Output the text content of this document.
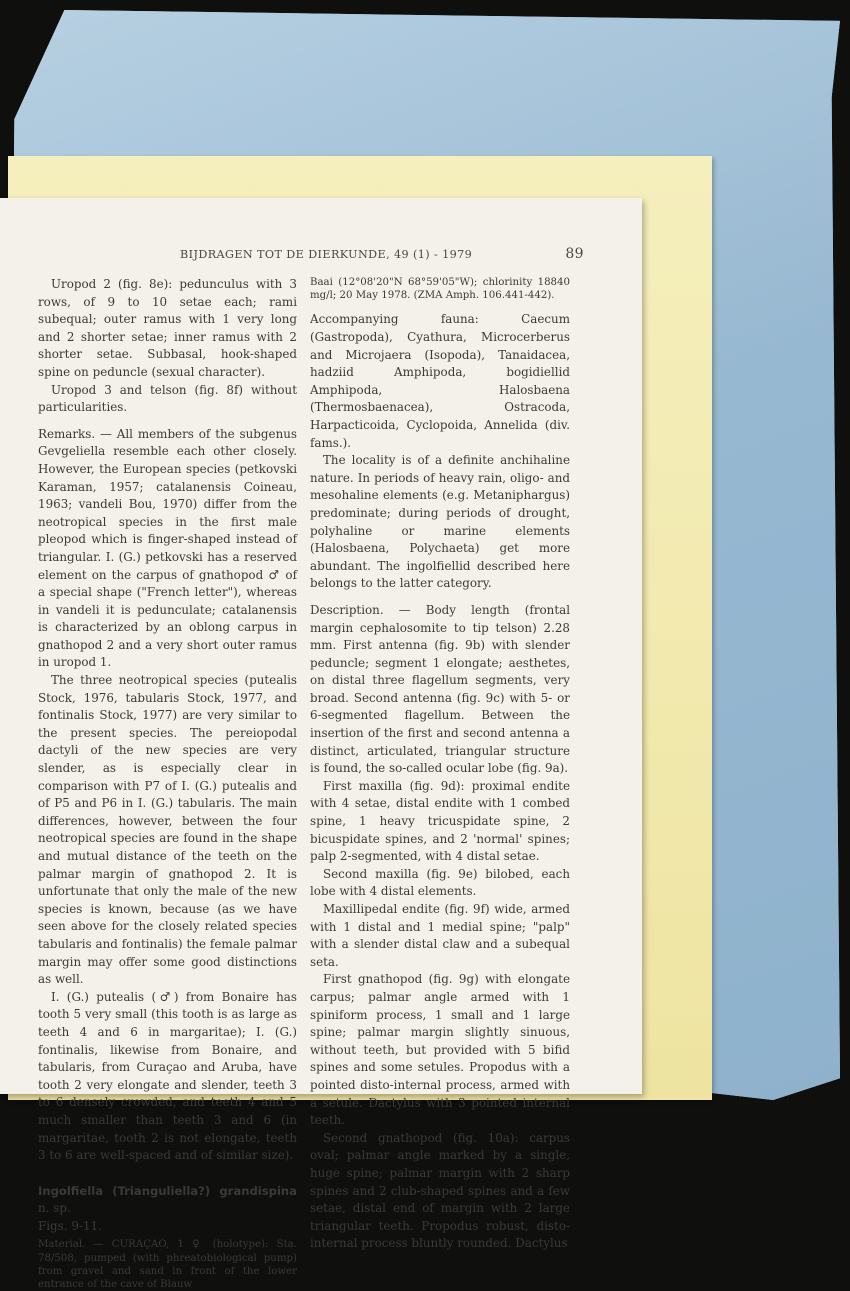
BIJDRAGEN TOT DE DIERKUNDE, 49 (1) - 1979	89

Uropod 2 (fig. 8e): pedunculus with 3 rows, of 9 to 10 setae each; rami subequal; outer ramus with 1 very long and 2 shorter setae; inner ramus with 2 shorter setae. Subbasal, hook-shaped spine on peduncle (sexual character).

Uropod 3 and telson (fig. 8f) without particularities.

Remarks. — All members of the subgenus Gevgeliella resemble each other closely. However, the European species (petkovski Karaman, 1957; catalanensis Coineau, 1963; vandeli Bou, 1970) differ from the neotropical species in the first male pleopod which is finger-shaped instead of triangular. I. (G.) petkovski has a reserved element on the carpus of gnathopod ♂ of a special shape ("French letter"), whereas in vandeli it is pedunculate; catalanensis is characterized by an oblong carpus in gnathopod 2 and a very short outer ramus in uropod 1.

The three neotropical species (putealis Stock, 1976, tabularis Stock, 1977, and fontinalis Stock, 1977) are very similar to the present species. The pereiopodal dactyli of the new species are very slender, as is especially clear in comparison with P7 of I. (G.) putealis and of P5 and P6 in I. (G.) tabularis. The main differences, however, between the four neotropical species are found in the shape and mutual distance of the teeth on the palmar margin of gnathopod 2. It is unfortunate that only the male of the new species is known, because (as we have seen above for the closely related species tabularis and fontinalis) the female palmar margin may offer some good distinctions as well.

I. (G.) putealis (♂) from Bonaire has tooth 5 very small (this tooth is as large as teeth 4 and 6 in margaritae); I. (G.) fontinalis, likewise from Bonaire, and tabularis, from Curaçao and Aruba, have tooth 2 very elongate and slender, teeth 3 to 6 densely crowded, and teeth 4 and 5 much smaller than teeth 3 and 6 (in margaritae, tooth 2 is not elongate, teeth 3 to 6 are well-spaced and of similar size).

Ingolfiella (Trianguliella?) grandispina n. sp.

Figs. 9-11.

Material. — CURAÇAO, 1 ♀ (holotype): Sta. 78/508, pumped (with phreatobiological pump) from gravel and sand in front of the lower entrance of the cave of Blauw

Baai (12°08'20"N 68°59'05"W); chlorinity 18840 mg/l; 20 May 1978. (ZMA Amph. 106.441-442).

Accompanying fauna: Caecum (Gastropoda), Cyathura, Microcerberus and Microjaera (Isopoda), Tanaidacea, hadziid Amphipoda, bogidiellid Amphipoda, Halosbaena (Thermosbaenacea), Ostracoda, Harpacticoida, Cyclopoida, Annelida (div. fams.).

The locality is of a definite anchihaline nature. In periods of heavy rain, oligo- and mesohaline elements (e.g. Metaniphargus) predominate; during periods of drought, polyhaline or marine elements (Halosbaena, Polychaeta) get more abundant. The ingolfiellid described here belongs to the latter category.

Description. — Body length (frontal margin cephalosomite to tip telson) 2.28 mm. First antenna (fig. 9b) with slender peduncle; segment 1 elongate; aesthetes, on distal three flagellum segments, very broad. Second antenna (fig. 9c) with 5- or 6-segmented flagellum. Between the insertion of the first and second antenna a distinct, articulated, triangular structure is found, the so-called ocular lobe (fig. 9a).

First maxilla (fig. 9d): proximal endite with 4 setae, distal endite with 1 combed spine, 1 heavy tricuspidate spine, 2 bicuspidate spines, and 2 'normal' spines; palp 2-segmented, with 4 distal setae.

Second maxilla (fig. 9e) bilobed, each lobe with 4 distal elements.

Maxillipedal endite (fig. 9f) wide, armed with 1 distal and 1 medial spine; "palp" with a slender distal claw and a subequal seta.

First gnathopod (fig. 9g) with elongate carpus; palmar angle armed with 1 spiniform process, 1 small and 1 large spine; palmar margin slightly sinuous, without teeth, but provided with 5 bifid spines and some setules. Propodus with a pointed disto-internal process, armed with a setule. Dactylus with 3 pointed internal teeth.

Second gnathopod (fig. 10a): carpus oval; palmar angle marked by a single, huge spine; palmar margin with 2 sharp spines and 2 club-shaped spines and a few setae, distal end of margin with 2 large triangular teeth. Propodus robust, disto-internal process bluntly rounded. Dactylus
